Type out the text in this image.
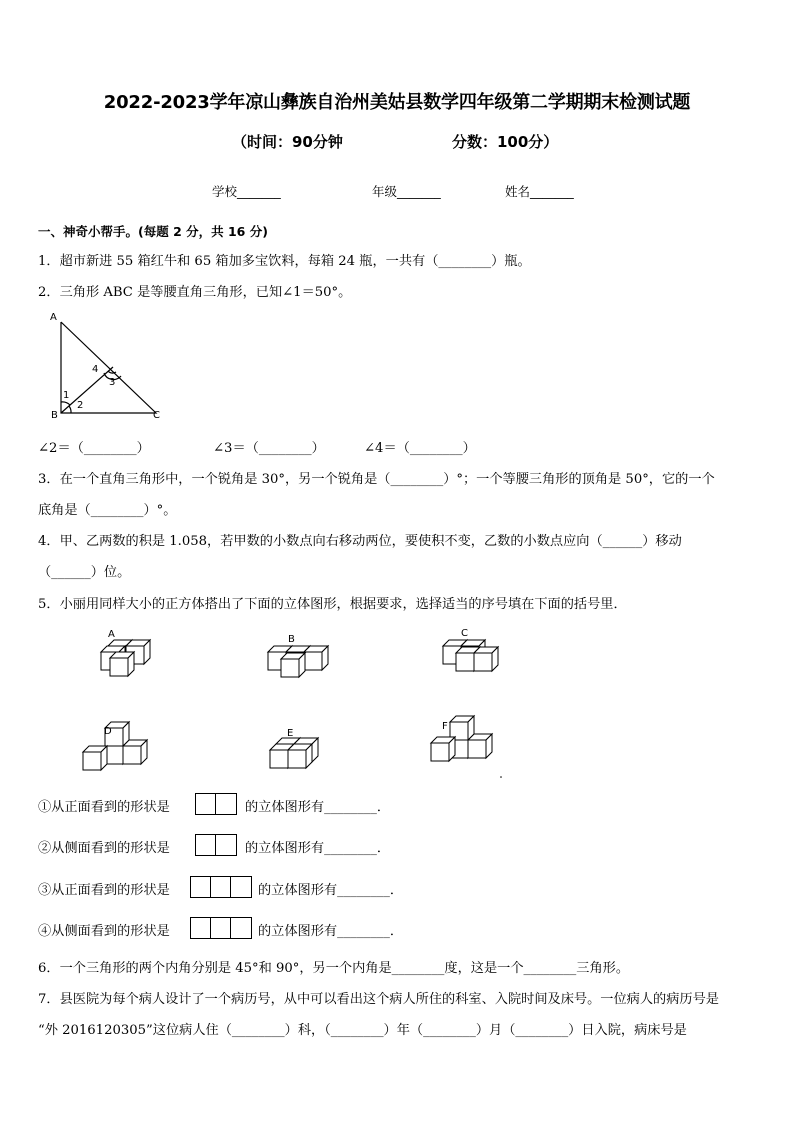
2022-2023学年凉山彝族自治州美姑县数学四年级第二学期期末检测试题
（时间：90分钟	分数：100分）
学校_______	年级_______	姓名_______
一、神奇小帮手。(每题 2 分，共 16 分)
1．超市新进 55 箱红牛和 65 箱加多宝饮料，每箱 24 瓶，一共有（________）瓶。
2．三角形 ABC 是等腰直角三角形，已知∠1＝50°。
A
B	C
1
2
3
4
∠2＝（________）	∠3＝（________）	∠4＝（________）
3．在一个直角三角形中，一个锐角是 30°，另一个锐角是（________）°；一个等腰三角形的顶角是 50°，它的一个
底角是（________）°。
4．甲、乙两数的积是 1.058，若甲数的小数点向右移动两位，要使积不变，乙数的小数点应向（______）移动
（______）位。
5．小丽用同样大小的正方体搭出了下面的立体图形，根据要求，选择适当的序号填在下面的括号里．
A	B
C
D	E
F
①从正面看到的形状是	的立体图形有________．
②从侧面看到的形状是	的立体图形有________．
③从正面看到的形状是	的立体图形有________．
④从侧面看到的形状是	的立体图形有________．
6．一个三角形的两个内角分别是 45°和 90°，另一个内角是________度，这是一个________三角形。
7．县医院为每个病人设计了一个病历号，从中可以看出这个病人所住的科室、入院时间及床号。一位病人的病历号是
“外 2016120305”这位病人住（________）科，（________）年（________）月（________）日入院，病床号是
